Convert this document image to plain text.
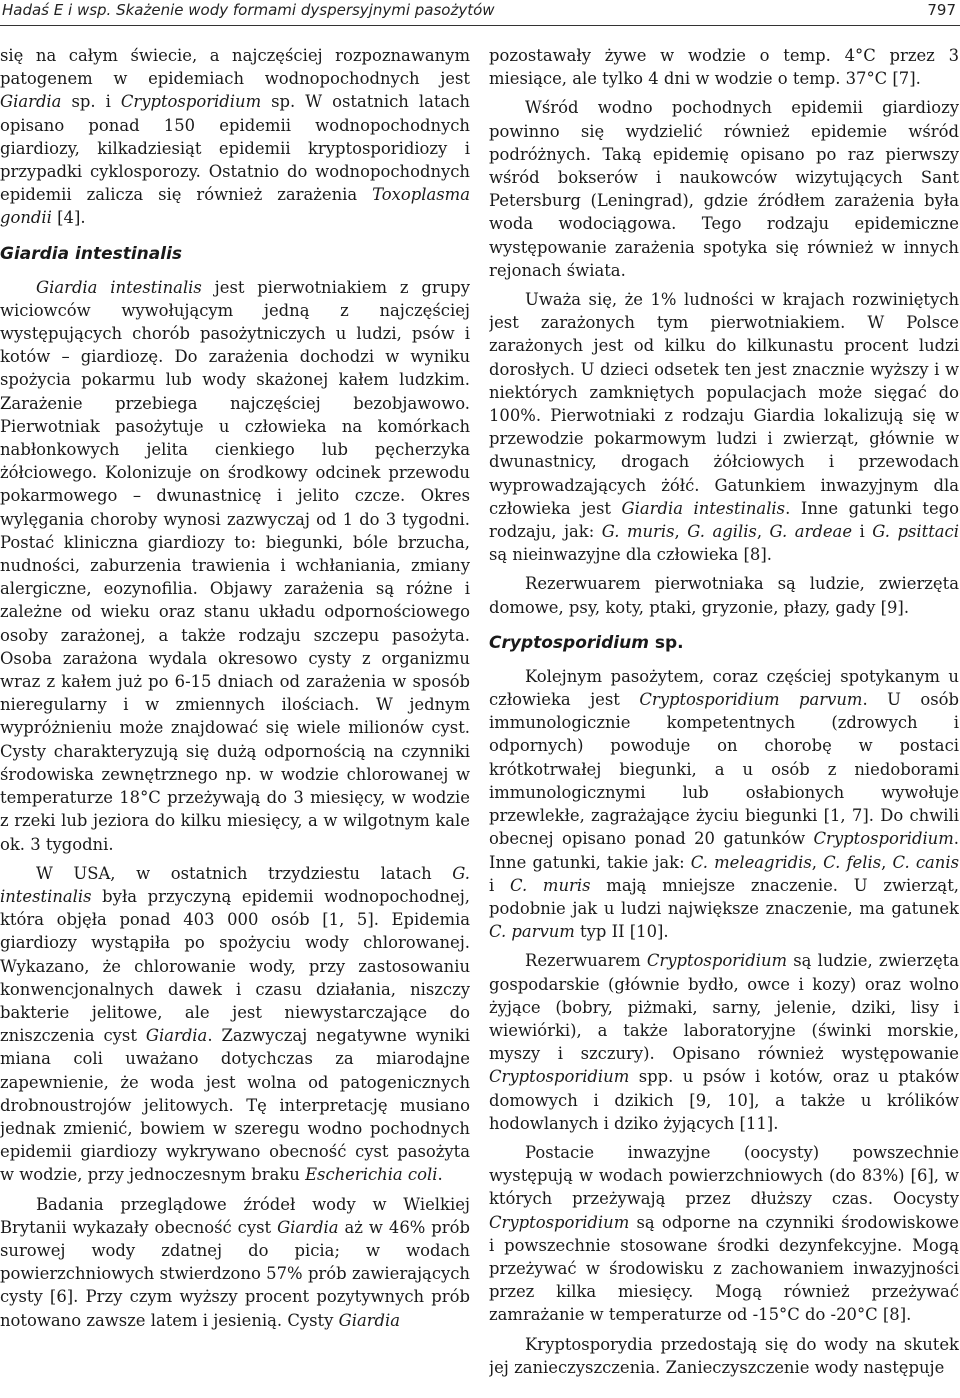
Hadaś E i wsp. Skażenie wody formami dyspersyjnymi pasożytów	797

się na całym świecie, a najczęściej rozpoznawanym patogenem w epidemiach wodnopochodnych jest Giardia sp. i Cryptosporidium sp. W ostatnich latach opisano ponad 150 epidemii wodnopochodnych giardiozy, kilkadziesiąt epidemii kryptosporidiozy i przypadki cyklosporozy. Ostatnio do wodnopochodnych epidemii zalicza się również zarażenia Toxoplasma gondii [4].

Giardia intestinalis

Giardia intestinalis jest pierwotniakiem z grupy wiciowców wywołującym jedną z najczęściej występujących chorób pasożytniczych u ludzi, psów i kotów – giardiozę. Do zarażenia dochodzi w wyniku spożycia pokarmu lub wody skażonej kałem ludzkim. Zarażenie przebiega najczęściej bezobjawowo. Pierwotniak pasożytuje u człowieka na komórkach nabłonkowych jelita cienkiego lub pęcherzyka żółciowego. Kolonizuje on środkowy odcinek przewodu pokarmowego – dwunastnicę i jelito czcze. Okres wylęgania choroby wynosi zazwyczaj od 1 do 3 tygodni. Postać kliniczna giardiozy to: biegunki, bóle brzucha, nudności, zaburzenia trawienia i wchłaniania, zmiany alergiczne, eozynofilia. Objawy zarażenia są różne i zależne od wieku oraz stanu układu odpornościowego osoby zarażonej, a także rodzaju szczepu pasożyta. Osoba zarażona wydala okresowo cysty z organizmu wraz z kałem już po 6-15 dniach od zarażenia w sposób nieregularny i w zmiennych ilościach. W jednym wypróżnieniu może znajdować się wiele milionów cyst. Cysty charakteryzują się dużą odpornością na czynniki środowiska zewnętrznego np. w wodzie chlorowanej w temperaturze 18°C przeżywają do 3 miesięcy, w wodzie z rzeki lub jeziora do kilku miesięcy, a w wilgotnym kale ok. 3 tygodni.

W USA, w ostatnich trzydziestu latach G. intestinalis była przyczyną epidemii wodnopochodnej, która objęła ponad 403 000 osób [1, 5]. Epidemia giardiozy wystąpiła po spożyciu wody chlorowanej. Wykazano, że chlorowanie wody, przy zastosowaniu konwencjonalnych dawek i czasu działania, niszczy bakterie jelitowe, ale jest niewystarczające do zniszczenia cyst Giardia. Zazwyczaj negatywne wyniki miana coli uważano dotychczas za miarodajne zapewnienie, że woda jest wolna od patogenicznych drobnoustrojów jelitowych. Tę interpretację musiano jednak zmienić, bowiem w szeregu wodno pochodnych epidemii giardiozy wykrywano obecność cyst pasożyta w wodzie, przy jednoczesnym braku Escherichia coli.

Badania przeglądowe źródeł wody w Wielkiej Brytanii wykazały obecność cyst Giardia aż w 46% prób surowej wody zdatnej do picia; w wodach powierzchniowych stwierdzono 57% prób zawierających cysty [6]. Przy czym wyższy procent pozytywnych prób notowano zawsze latem i jesienią. Cysty Giardia

pozostawały żywe w wodzie o temp. 4°C przez 3 miesiące, ale tylko 4 dni w wodzie o temp. 37°C [7].

Wśród wodno pochodnych epidemii giardiozy powinno się wydzielić również epidemie wśród podróżnych. Taką epidemię opisano po raz pierwszy wśród bokserów i naukowców wizytujących Sant Petersburg (Leningrad), gdzie źródłem zarażenia była woda wodociągowa. Tego rodzaju epidemiczne występowanie zarażenia spotyka się również w innych rejonach świata.

Uważa się, że 1% ludności w krajach rozwiniętych jest zarażonych tym pierwotniakiem. W Polsce zarażonych jest od kilku do kilkunastu procent ludzi dorosłych. U dzieci odsetek ten jest znacznie wyższy i w niektórych zamkniętych populacjach może sięgać do 100%. Pierwotniaki z rodzaju Giardia lokalizują się w przewodzie pokarmowym ludzi i zwierząt, głównie w dwunastnicy, drogach żółciowych i przewodach wyprowadzających żółć. Gatunkiem inwazyjnym dla człowieka jest Giardia intestinalis. Inne gatunki tego rodzaju, jak: G. muris, G. agilis, G. ardeae i G. psittaci są nieinwazyjne dla człowieka [8].

Rezerwuarem pierwotniaka są ludzie, zwierzęta domowe, psy, koty, ptaki, gryzonie, płazy, gady [9].

Cryptosporidium sp.

Kolejnym pasożytem, coraz częściej spotykanym u człowieka jest Cryptosporidium parvum. U osób immunologicznie kompetentnych (zdrowych i odpornych) powoduje on chorobę w postaci krótkotrwałej biegunki, a u osób z niedoborami immunologicznymi lub osłabionych wywołuje przewlekłe, zagrażające życiu biegunki [1, 7]. Do chwili obecnej opisano ponad 20 gatunków Cryptosporidium. Inne gatunki, takie jak: C. meleagridis, C. felis, C. canis i C. muris mają mniejsze znaczenie. U zwierząt, podobnie jak u ludzi największe znaczenie, ma gatunek C. parvum typ II [10].

Rezerwuarem Cryptosporidium są ludzie, zwierzęta gospodarskie (głównie bydło, owce i kozy) oraz wolno żyjące (bobry, piżmaki, sarny, jelenie, dziki, lisy i wiewiórki), a także laboratoryjne (świnki morskie, myszy i szczury). Opisano również występowanie Cryptosporidium spp. u psów i kotów, oraz u ptaków domowych i dzikich [9, 10], a także u królików hodowlanych i dziko żyjących [11].

Postacie inwazyjne (oocysty) powszechnie występują w wodach powierzchniowych (do 83%) [6], w których przeżywają przez dłuższy czas. Oocysty Cryptosporidium są odporne na czynniki środowiskowe i powszechnie stosowane środki dezynfekcyjne. Mogą przeżywać w środowisku z zachowaniem inwazyjności przez kilka miesięcy. Mogą również przeżywać zamrażanie w temperaturze od -15°C do -20°C [8].

Kryptosporydia przedostają się do wody na skutek jej zanieczyszczenia. Zanieczyszczenie wody następuje
